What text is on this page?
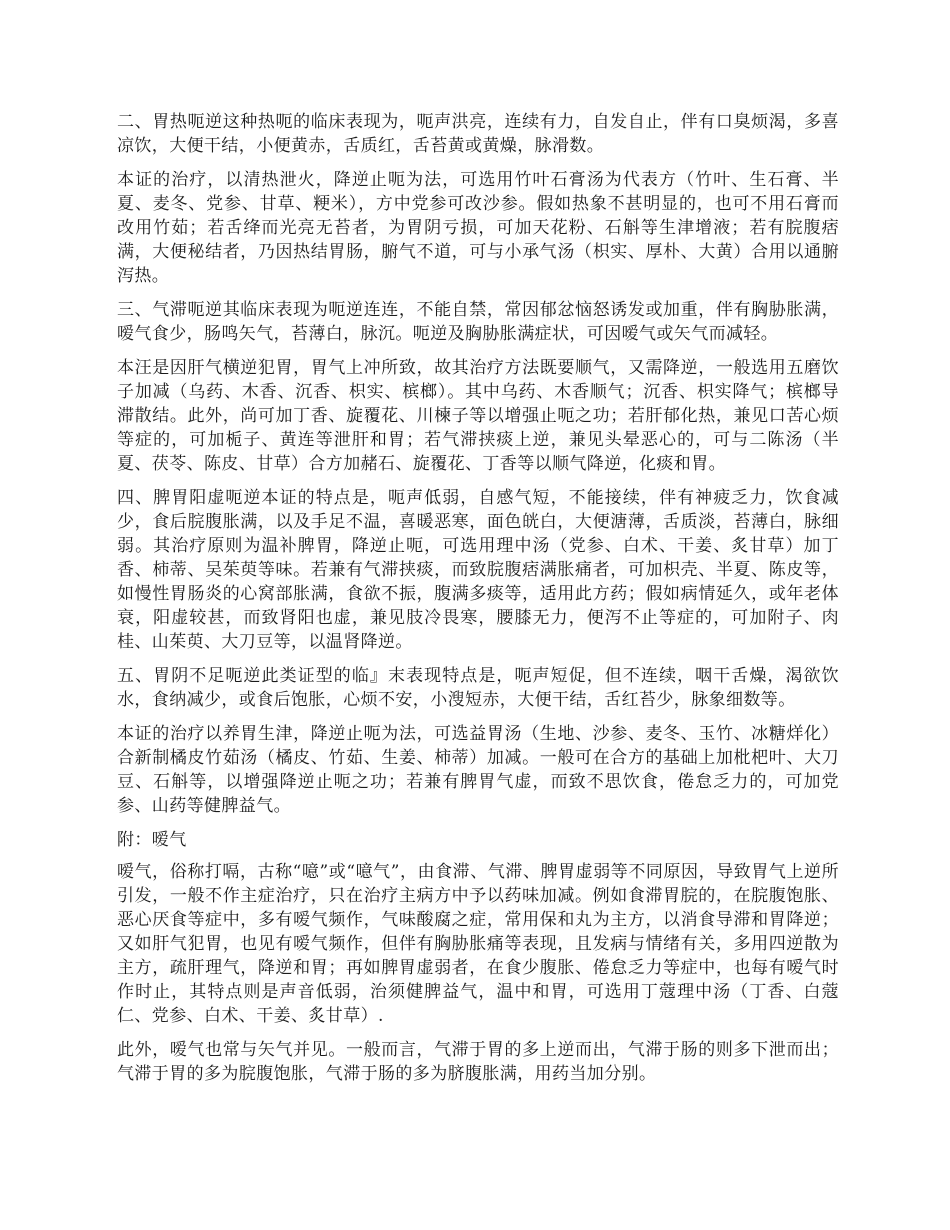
二、胃热呃逆这种热呃的临床表现为，呃声洪亮，连续有力，自发自止，伴有口臭烦渴，多喜凉饮，大便干结，小便黄赤，舌质红，舌苔黄或黄燥，脉滑数。

本证的治疗，以清热泄火，降逆止呃为法，可选用竹叶石膏汤为代表方（竹叶、生石膏、半夏、麦冬、党参、甘草、粳米），方中党参可改沙参。假如热象不甚明显的，也可不用石膏而改用竹茹；若舌绛而光亮无苔者，为胃阴亏损，可加天花粉、石斛等生津增液；若有脘腹痞满，大便秘结者，乃因热结胃肠，腑气不道，可与小承气汤（枳实、厚朴、大黄）合用以通腑泻热。

三、气滞呃逆其临床表现为呃逆连连，不能自禁，常因郁忿恼怒诱发或加重，伴有胸胁胀满，嗳气食少，肠鸣矢气，苔薄白，脉沉。呃逆及胸胁胀满症状，可因嗳气或矢气而减轻。

本汪是因肝气横逆犯胃，胃气上冲所致，故其治疗方法既要顺气，又需降逆，一般选用五磨饮子加减（乌药、木香、沉香、枳实、槟榔）。其中乌药、木香顺气；沉香、枳实降气；槟榔导滞散结。此外，尚可加丁香、旋覆花、川楝子等以增强止呃之功；若肝郁化热，兼见口苦心烦等症的，可加栀子、黄连等泄肝和胃；若气滞挟痰上逆，兼见头晕恶心的，可与二陈汤（半夏、茯苓、陈皮、甘草）合方加赭石、旋覆花、丁香等以顺气降逆，化痰和胃。

四、脾胃阳虚呃逆本证的特点是，呃声低弱，自感气短，不能接续，伴有神疲乏力，饮食减少，食后脘腹胀满，以及手足不温，喜暖恶寒，面色㿠白，大便溏薄，舌质淡，苔薄白，脉细弱。其治疗原则为温补脾胃，降逆止呃，可选用理中汤（党参、白术、干姜、炙甘草）加丁香、柿蒂、吴茱萸等味。若兼有气滞挟痰，而致脘腹痞满胀痛者，可加枳壳、半夏、陈皮等，如慢性胃肠炎的心窝部胀满，食欲不振，腹满多痰等，适用此方药；假如病情延久，或年老体衰，阳虚较甚，而致肾阳也虚，兼见肢冷畏寒，腰膝无力，便泻不止等症的，可加附子、肉桂、山茱萸、大刀豆等，以温肾降逆。

五、胃阴不足呃逆此类证型的临』末表现特点是，呃声短促，但不连续，咽干舌燥，渴欲饮水，食纳减少，或食后饱胀，心烦不安，小溲短赤，大便干结，舌红苔少，脉象细数等。

本证的治疗以养胃生津，降逆止呃为法，可选益胃汤（生地、沙参、麦冬、玉竹、冰糖烊化）合新制橘皮竹茹汤（橘皮、竹茹、生姜、柿蒂）加减。一般可在合方的基础上加枇杷叶、大刀豆、石斛等，以增强降逆止呃之功；若兼有脾胃气虚，而致不思饮食，倦怠乏力的，可加党参、山药等健脾益气。

附：嗳气

嗳气，俗称打嗝，古称“噫”或“噫气”，由食滞、气滞、脾胃虚弱等不同原因，导致胃气上逆所引发，一般不作主症治疗，只在治疗主病方中予以药味加减。例如食滞胃脘的，在脘腹饱胀、恶心厌食等症中，多有嗳气频作，气味酸腐之症，常用保和丸为主方，以消食导滞和胃降逆；又如肝气犯胃，也见有嗳气频作，但伴有胸胁胀痛等表现，且发病与情绪有关，多用四逆散为主方，疏肝理气，降逆和胃；再如脾胃虚弱者，在食少腹胀、倦怠乏力等症中，也每有嗳气时作时止，其特点则是声音低弱，治须健脾益气，温中和胃，可选用丁蔻理中汤（丁香、白蔻仁、党参、白术、干姜、炙甘草）.

此外，嗳气也常与矢气并见。一般而言，气滞于胃的多上逆而出，气滞于肠的则多下泄而出；气滞于胃的多为脘腹饱胀，气滞于肠的多为脐腹胀满，用药当加分别。
